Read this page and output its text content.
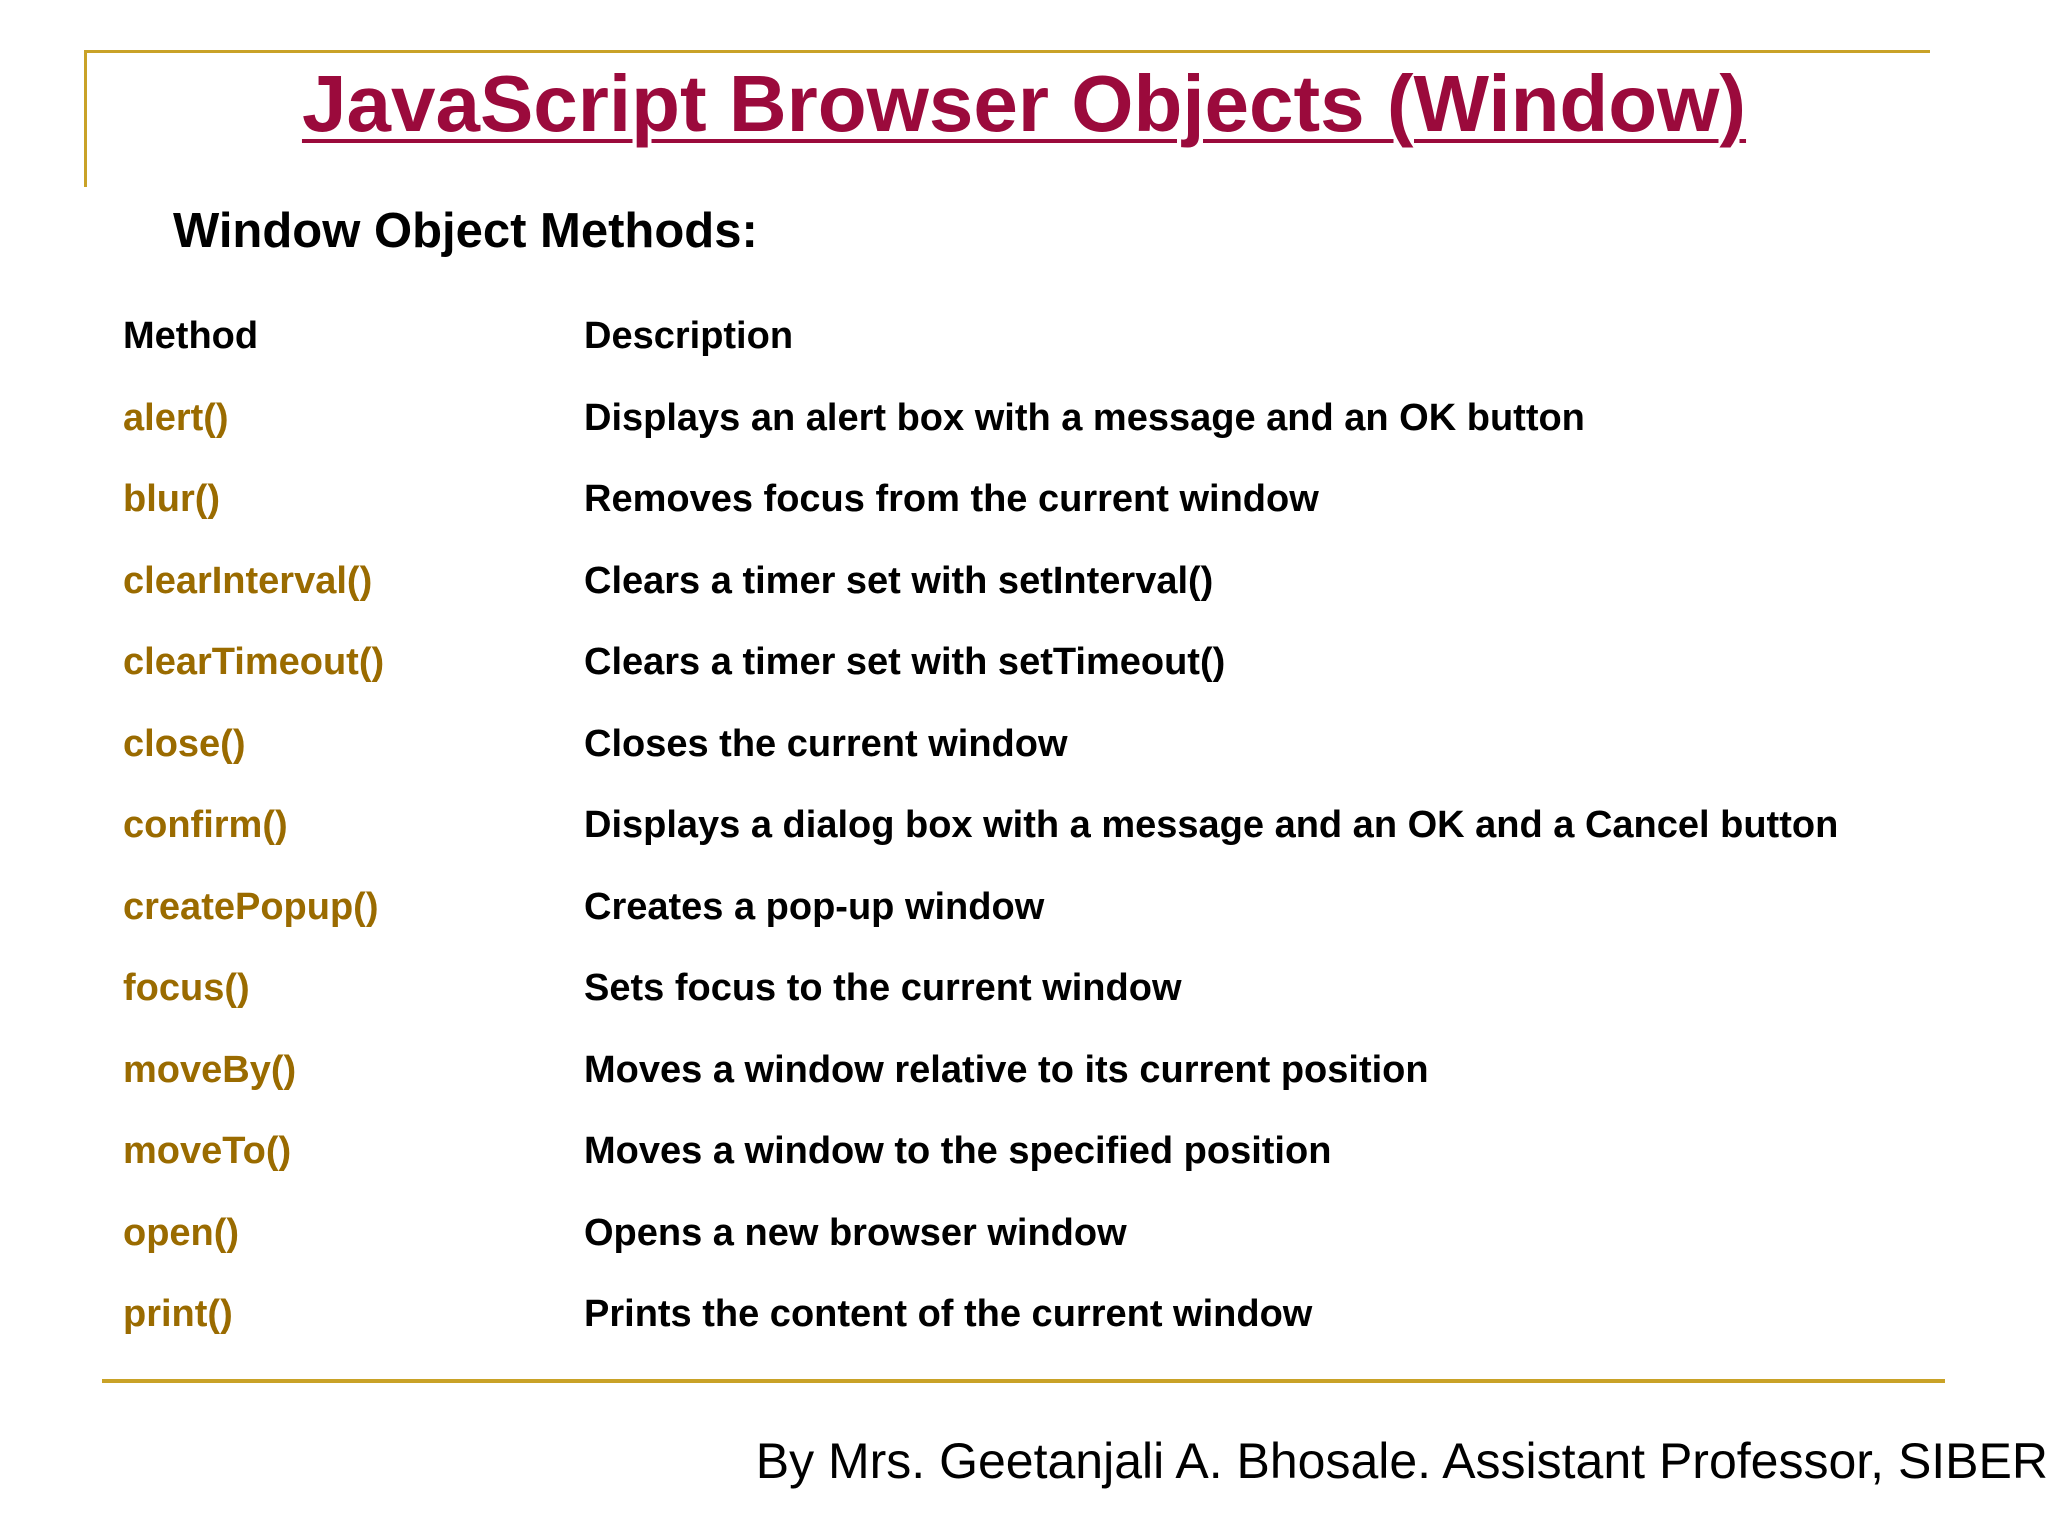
JavaScript Browser Objects (Window)
Window Object Methods:
Method	Description
alert()	Displays an alert box with a message and an OK button
blur()	Removes focus from the current window
clearInterval()	Clears a timer set with setInterval()
clearTimeout()	Clears a timer set with setTimeout()
close()	Closes the current window
confirm()	Displays a dialog box with a message and an OK and a Cancel button
createPopup()	Creates a pop-up window
focus()	Sets focus to the current window
moveBy()	Moves a window relative to its current position
moveTo()	Moves a window to the specified position
open()	Opens a new browser window
print()	Prints the content of the current window
By Mrs. Geetanjali A. Bhosale. Assistant Professor, SIBER
